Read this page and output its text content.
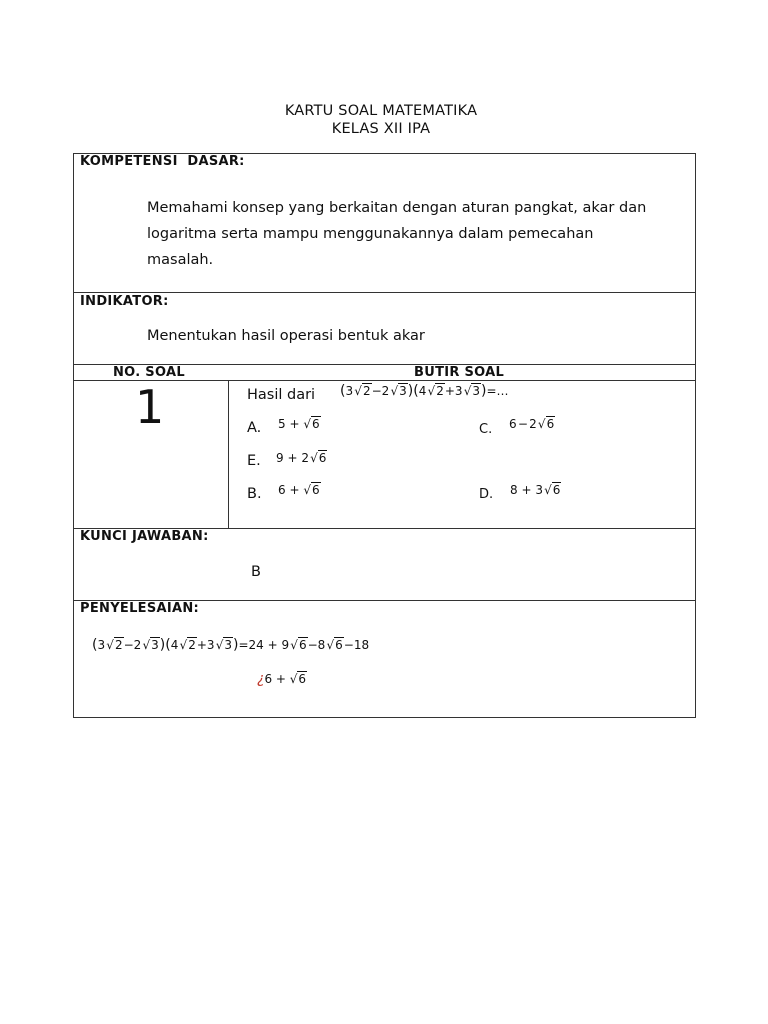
KARTU SOAL MATEMATIKA
KELAS XII IPA
KOMPETENSI  DASAR:
Memahami konsep yang berkaitan dengan aturan pangkat, akar dan
logaritma serta mampu menggunakannya dalam pemecahan
masalah.
INDIKATOR:
Menentukan hasil operasi bentuk akar
NO. SOAL	BUTIR SOAL
1	Hasil dari (3 √2−2 √3)(4 √2+3 √3)=…
A. 5 + √6	C. 6 − 2 √6
E. 9 + 2 √6
B. 6 + √6	D. 8 + 3 √6
KUNCI JAWABAN:
B
PENYELESAIAN:
(3 √2−2 √3)(4 √2+3 √3)=24 + 9 √6−8 √6−18
¿6 + √6
